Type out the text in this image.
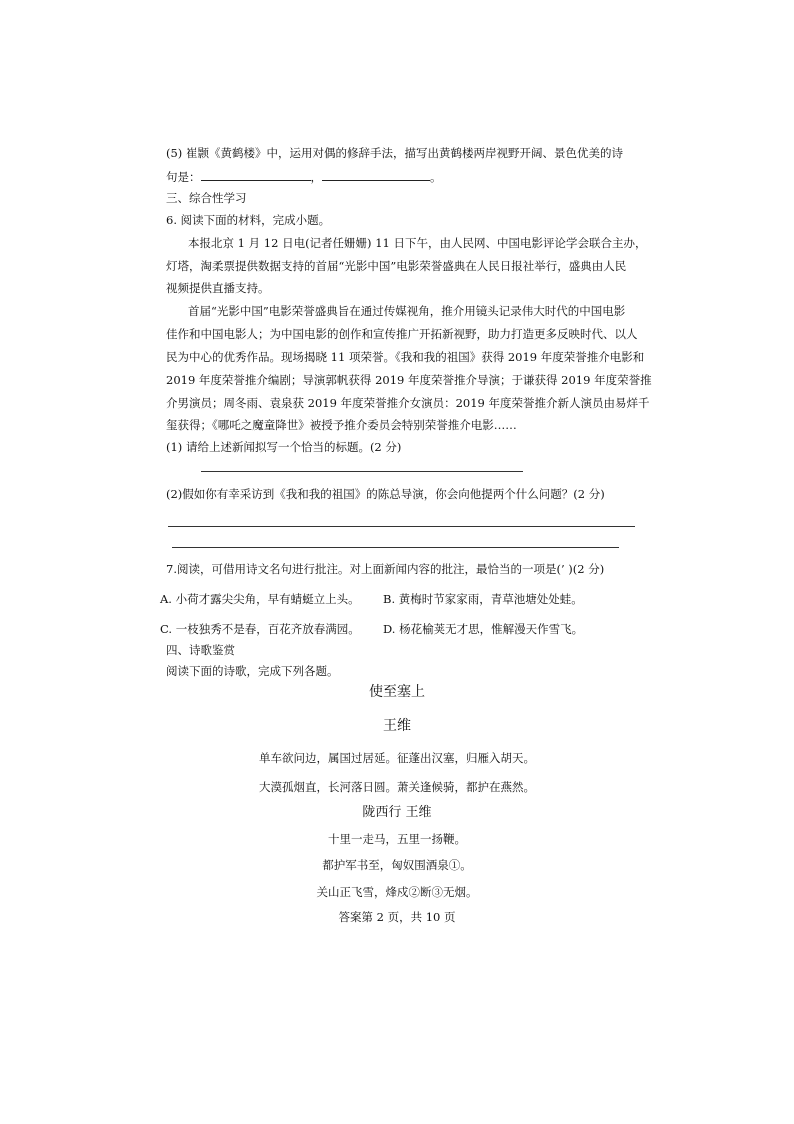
(5) 崔颢《黄鹤楼》中，运用对偶的修辞手法，描写出黄鹤楼两岸视野开阔、景色优美的诗
句是：	，	。
三、综合性学习
6. 阅读下面的材料，完成小题。
本报北京 1 月 12 日电(记者任姗姗) 11 日下午，由人民网、中国电影评论学会联合主办，
灯塔，淘柔票提供数据支持的首届“光影中国”电影荣誉盛典在人民日报社举行，盛典由人民
视频提供直播支持。
首届“光影中国”电影荣誉盛典旨在通过传媒视角，推介用镜头记录伟大时代的中国电影
佳作和中国电影人；为中国电影的创作和宣传推广开拓新视野，助力打造更多反映时代、以人
民为中心的优秀作品。现场揭晓 11 项荣誉。《我和我的祖国》获得 2019 年度荣誉推介电影和
2019 年度荣誉推介编剧；导演郭帆获得 2019 年度荣誉推介导演；于谦获得 2019 年度荣誉推
介男演员；周冬雨、袁泉获 2019 年度荣誉推介女演员：2019 年度荣誉推介新人演员由易烊千
玺获得；《哪吒之魔童降世》被授予推介委员会特别荣誉推介电影……
(1) 请给上述新闻拟写一个恰当的标题。(2 分)
(2)假如你有幸采访到《我和我的祖国》的陈总导演，你会向他提两个什么问题？(2 分)
7.阅读，可借用诗文名句进行批注。对上面新闻内容的批注，最恰当的一项是(’ )(2 分)
A. 小荷才露尖尖角，早有蜻蜓立上头。 B. 黄梅时节家家雨，青草池塘处处蛙。
C. 一枝独秀不是春，百花齐放春满园。 D. 杨花榆荚无才思，惟解漫天作雪飞。
四、诗歌鉴赏
阅读下面的诗歌，完成下列各题。
使至塞上
王维
单车欲问边，属国过居延。征蓬出汉塞，归雁入胡天。
大漠孤烟直，长河落日圆。萧关逢候骑，都护在燕然。
陇西行 王维
十里一走马，五里一扬鞭。
都护军书至，匈奴围酒泉①。
关山正飞雪，烽戍②断③无烟。
答案第 2 页，共 10 页
